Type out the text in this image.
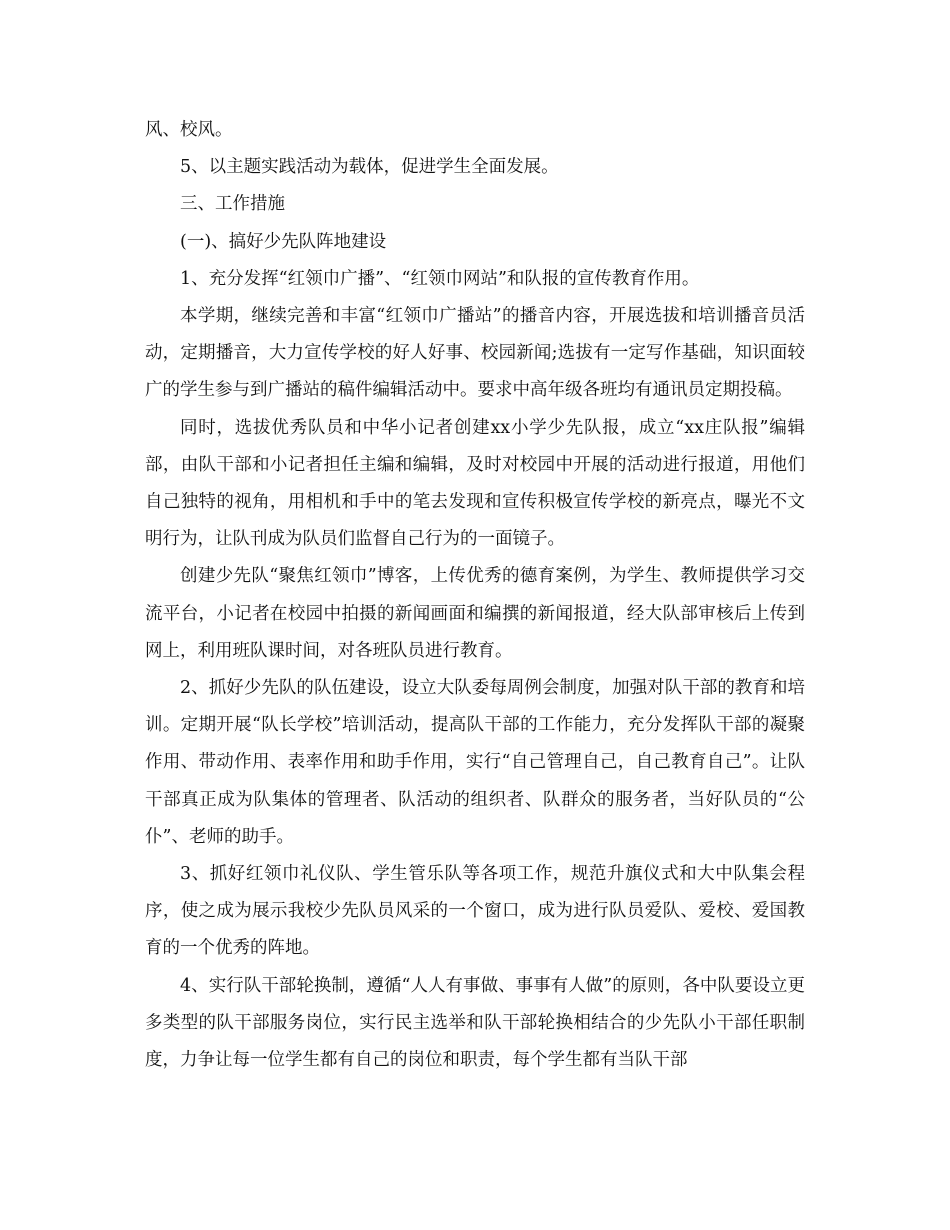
风、校风。

5、以主题实践活动为载体，促进学生全面发展。

三、工作措施

(一)、搞好少先队阵地建设

1、充分发挥“红领巾广播”、“红领巾网站”和队报的宣传教育作用。

本学期，继续完善和丰富“红领巾广播站”的播音内容，开展选拔和培训播音员活动，定期播音，大力宣传学校的好人好事、校园新闻;选拔有一定写作基础，知识面较广的学生参与到广播站的稿件编辑活动中。要求中高年级各班均有通讯员定期投稿。

同时，选拔优秀队员和中华小记者创建xx小学少先队报，成立“xx庄队报”编辑部，由队干部和小记者担任主编和编辑，及时对校园中开展的活动进行报道，用他们自己独特的视角，用相机和手中的笔去发现和宣传积极宣传学校的新亮点，曝光不文明行为，让队刊成为队员们监督自己行为的一面镜子。

创建少先队“聚焦红领巾”博客，上传优秀的德育案例，为学生、教师提供学习交流平台，小记者在校园中拍摄的新闻画面和编撰的新闻报道，经大队部审核后上传到网上，利用班队课时间，对各班队员进行教育。

2、抓好少先队的队伍建设，设立大队委每周例会制度，加强对队干部的教育和培训。定期开展“队长学校”培训活动，提高队干部的工作能力，充分发挥队干部的凝聚作用、带动作用、表率作用和助手作用，实行“自己管理自己，自己教育自己”。让队干部真正成为队集体的管理者、队活动的组织者、队群众的服务者，当好队员的“公仆”、老师的助手。

3、抓好红领巾礼仪队、学生管乐队等各项工作，规范升旗仪式和大中队集会程序，使之成为展示我校少先队员风采的一个窗口，成为进行队员爱队、爱校、爱国教育的一个优秀的阵地。

4、实行队干部轮换制，遵循“人人有事做、事事有人做”的原则，各中队要设立更多类型的队干部服务岗位，实行民主选举和队干部轮换相结合的少先队小干部任职制度，力争让每一位学生都有自己的岗位和职责，每个学生都有当队干部
